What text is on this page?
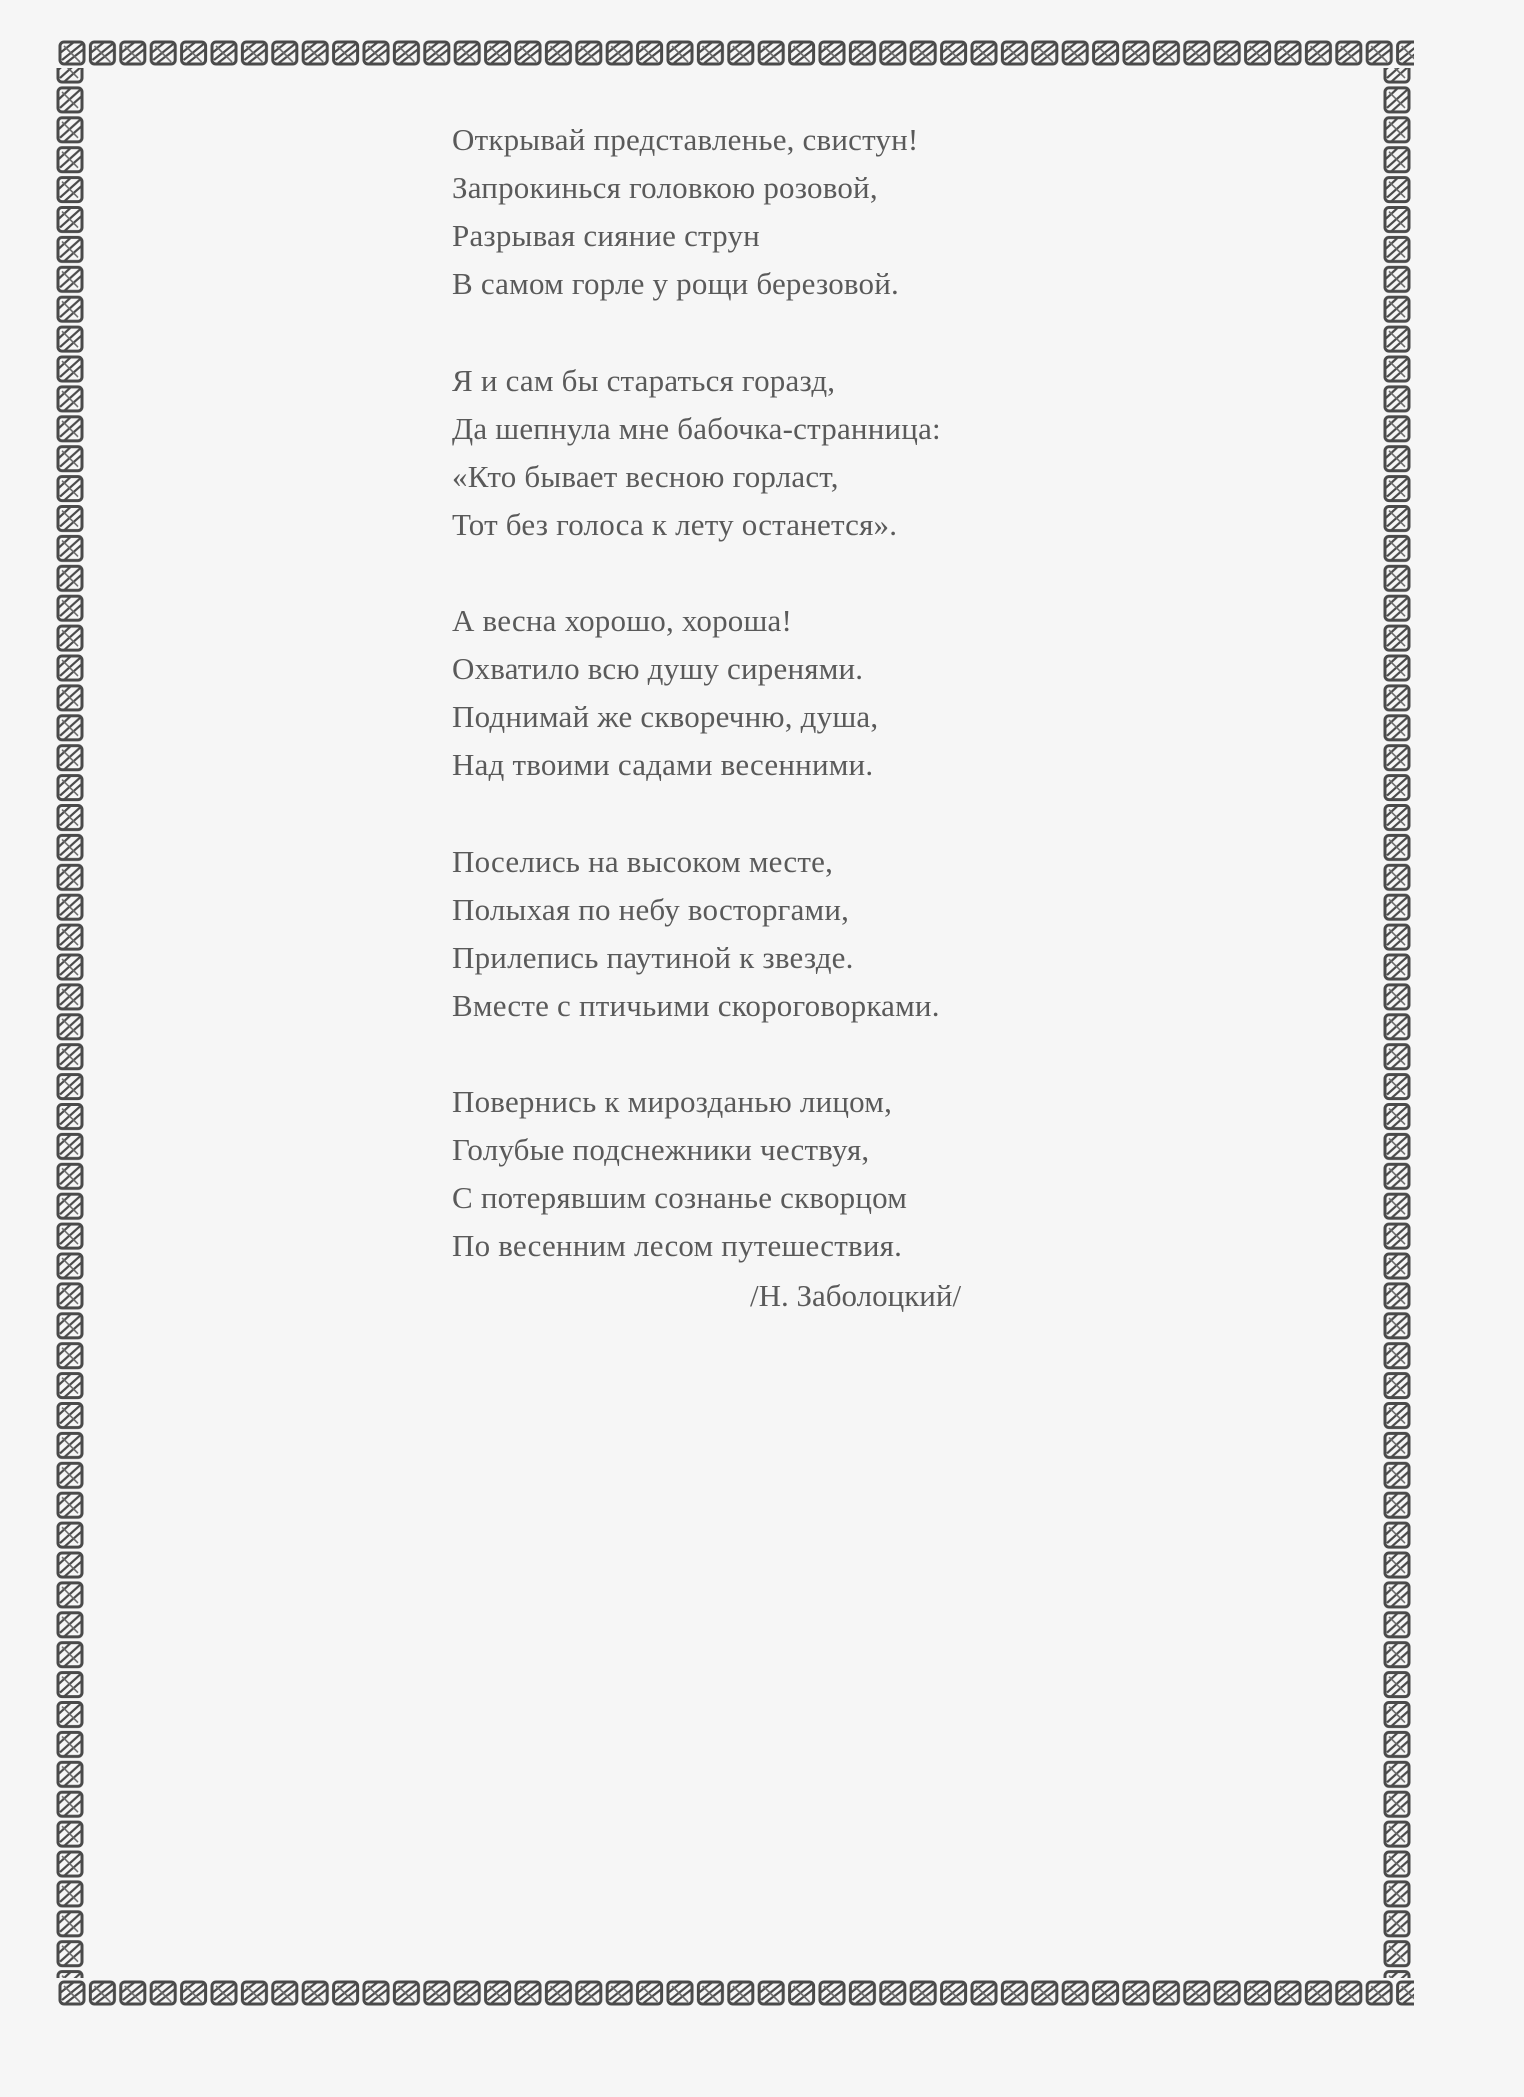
Открывай представленье, свистун!
Запрокинься головкою розовой,
Разрывая сияние струн
В самом горле у рощи березовой.
Я и сам бы стараться горазд,
Да шепнула мне бабочка-странница:
«Кто бывает весною горласт,
Тот без голоса к лету останется».
А весна хорошо, хороша!
Охватило всю душу сиренями.
Поднимай же скворечню, душа,
Над твоими садами весенними.
Поселись на высоком месте,
Полыхая по небу восторгами,
Прилепись паутиной к звезде.
Вместе с птичьими скороговорками.
Повернись к мирозданью лицом,
Голубые подснежники чествуя,
С потерявшим сознанье скворцом
По весенним лесом путешествия.
/Н. Заболоцкий/
